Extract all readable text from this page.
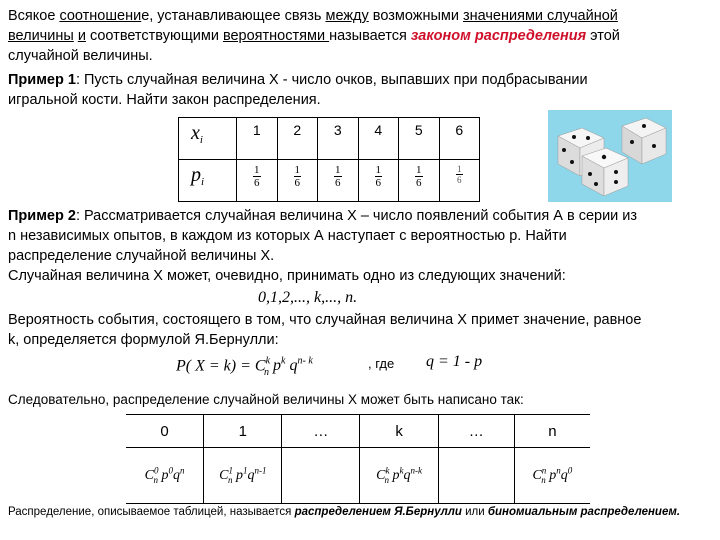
Всякое соотношение, устанавливающее связь между возможными значениями случайной
величины и соответствующими вероятностями называется законом распределения этой
случайной величины.
Пример 1: Пусть случайная величина Х - число очков, выпавших при подбрасывании
игральной кости. Найти закон распределения.
$x_i$	1	2	3	4	5	6
$p_i$	$\frac{1}{6}$	$\frac{1}{6}$	$\frac{1}{6}$	$\frac{1}{6}$	$\frac{1}{6}$	$\frac{1}{6}$
Пример 2: Рассматривается случайная величина Х – число появлений события А в серии из
n независимых опытов, в каждом из которых А наступает с вероятностью p. Найти
распределение случайной величины Х.
Случайная величина Х может, очевидно, принимать одно из следующих значений:
0,1,2,..., k,..., n.
Вероятность события, состоящего в том, что случайная величина Х примет значение, равное
k, определяется формулой Я.Бернулли:
P( $X = k) = C^k_n$ $p^k$ $q^{n- k}$	, где q = 1 - p
Следовательно, распределение случайной величины Х может быть написано так:
0	1	…	k	…	n
$C^0_n$ $p^0q^n$	$C^1_n$ $p^1q^{n-1}$		$C^k_n$ $p^kq^{n-k}$		$C^n_n$ $p^nq^0$
Распределение, описываемое таблицей, называется распределением Я.Бернулли или биномиальным распределением.
